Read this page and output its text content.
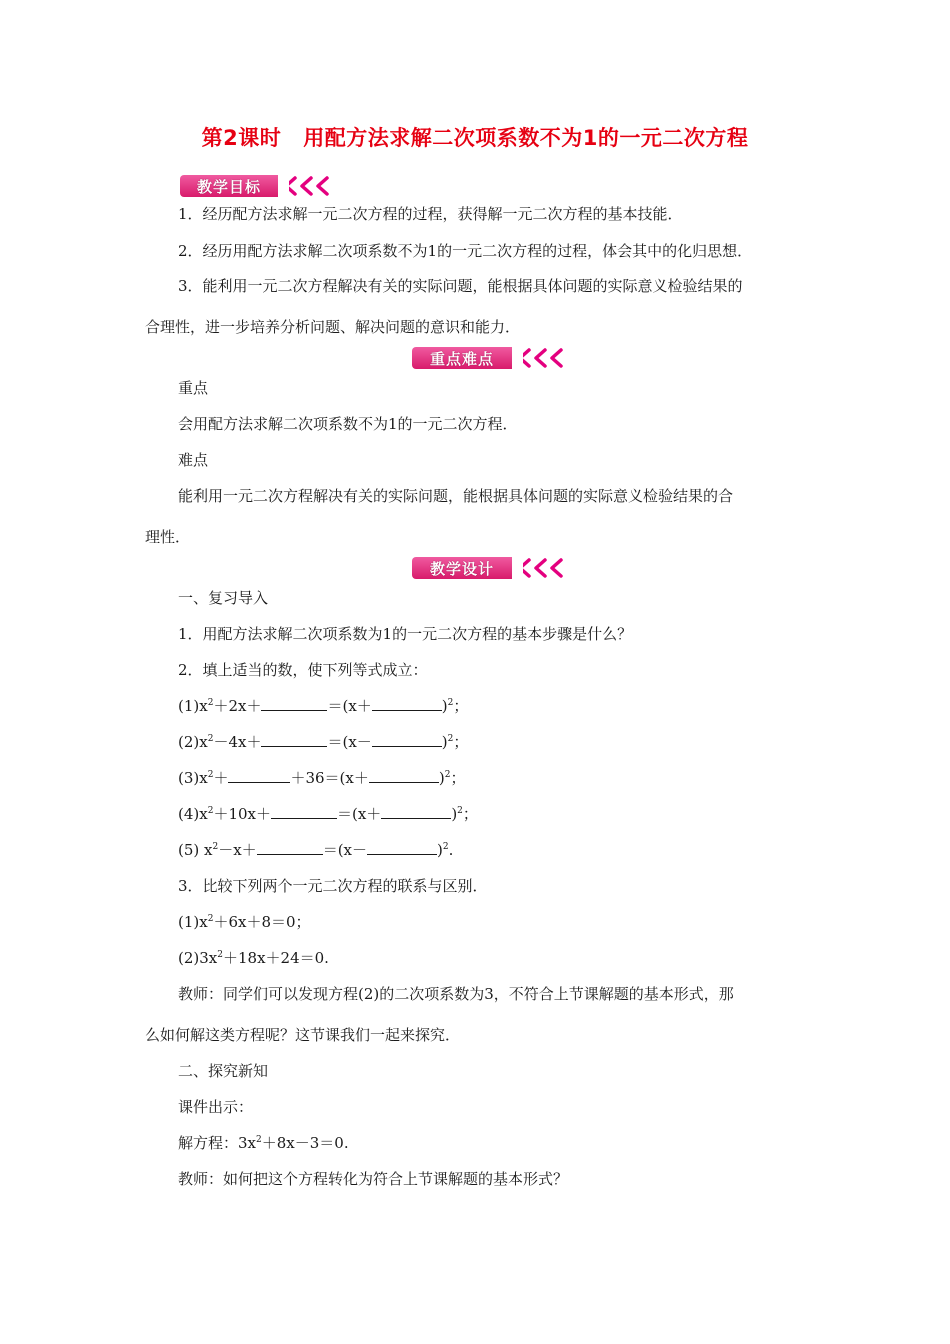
第2课时 用配方法求解二次项系数不为1的一元二次方程
教学目标
1．经历配方法求解一元二次方程的过程，获得解一元二次方程的基本技能．
2．经历用配方法求解二次项系数不为1的一元二次方程的过程，体会其中的化归思想．
3．能利用一元二次方程解决有关的实际问题，能根据具体问题的实际意义检验结果的
合理性，进一步培养分析问题、解决问题的意识和能力．
重点难点
重点
会用配方法求解二次项系数不为1的一元二次方程．
难点
能利用一元二次方程解决有关的实际问题，能根据具体问题的实际意义检验结果的合
理性．
教学设计
一、复习导入
1．用配方法求解二次项系数为1的一元二次方程的基本步骤是什么？
2．填上适当的数，使下列等式成立：
$(1)x^2+2x+$	＝(x＋	)$^2$；
$(2)x^2-4x+$	＝(x－	)$^2$；
$(3)x^2+$	＋36＝(x＋	)$^2$；
$(4)x^2+10x+$	＝(x＋	)$^2$；
(5) $x^2-x+$	＝(x－	)$^2$.
3．比较下列两个一元二次方程的联系与区别．
$(1)x^2+6x+8=0$；
$(2)3x^2+18x+24=0$.
教师：同学们可以发现方程(2)的二次项系数为3，不符合上节课解题的基本形式，那
么如何解这类方程呢？这节课我们一起来探究．
二、探究新知
课件出示：
解方程：$3x^2+8x-3=0$.
教师：如何把这个方程转化为符合上节课解题的基本形式？
